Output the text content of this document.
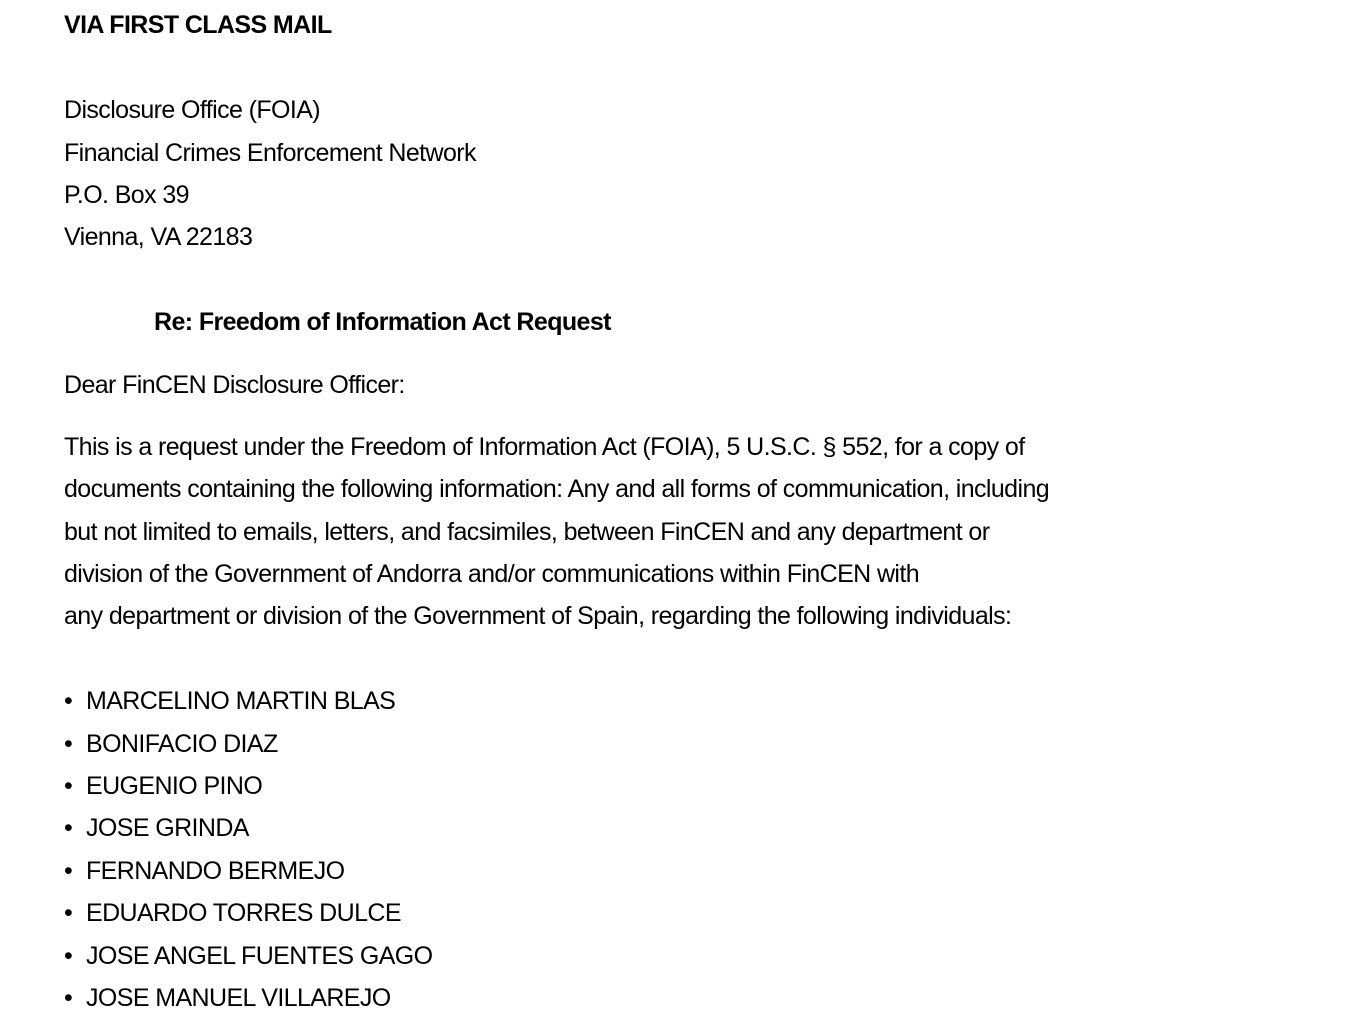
VIA FIRST CLASS MAIL
Disclosure Office (FOIA)
Financial Crimes Enforcement Network
P.O. Box 39
Vienna, VA 22183
Re: Freedom of Information Act Request
Dear FinCEN Disclosure Officer:
This is a request under the Freedom of Information Act (FOIA), 5 U.S.C. § 552, for a copy of
documents containing the following information: Any and all forms of communication, including
but not limited to emails, letters, and facsimiles, between FinCEN and any department or
division of the Government of Andorra and/or communications within FinCEN with
any department or division of the Government of Spain, regarding the following individuals:
• MARCELINO MARTIN BLAS
• BONIFACIO DIAZ
• EUGENIO PINO
• JOSE GRINDA
• FERNANDO BERMEJO
• EDUARDO TORRES DULCE
• JOSE ANGEL FUENTES GAGO
• JOSE MANUEL VILLAREJO
